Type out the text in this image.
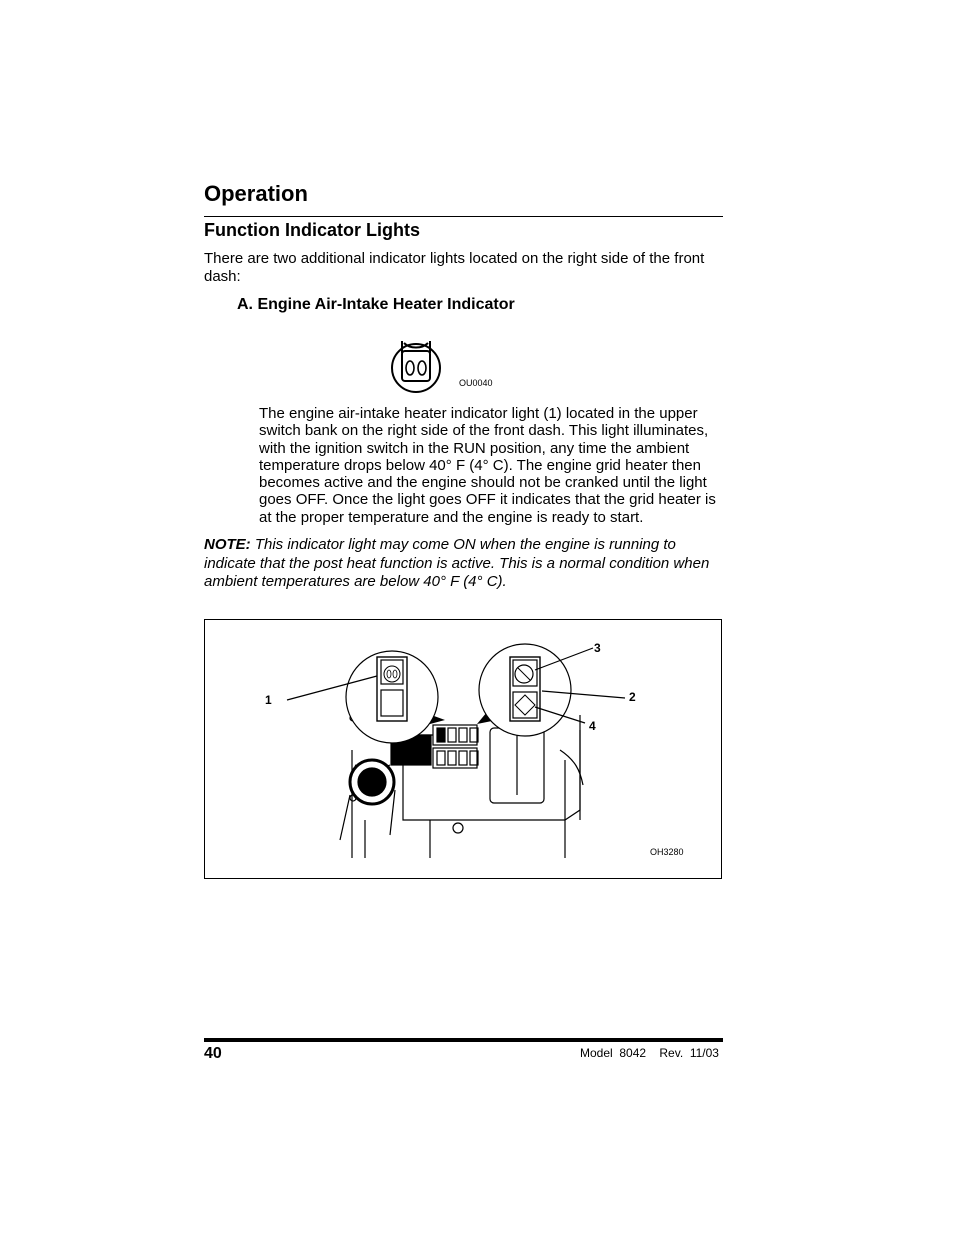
Operation
Function Indicator Lights

There are two additional indicator lights located on the right side of the front dash:

A. Engine Air-Intake Heater Indicator
OU0040

The engine air-intake heater indicator light (1) located in the upper switch bank on the right side of the front dash. This light illuminates, with the ignition switch in the RUN position, any time the ambient temperature drops below 40° F (4° C). The engine grid heater then becomes active and the engine should not be cranked until the light goes OFF. Once the light goes OFF it indicates that the grid heater is at the proper temperature and the engine is ready to start.

NOTE: This indicator light may come ON when the engine is running to indicate that the post heat function is active. This is a normal condition when ambient temperatures are below 40° F (4° C).

1
3
2
4
OH3280
40	Model  8042    Rev.  11/03
